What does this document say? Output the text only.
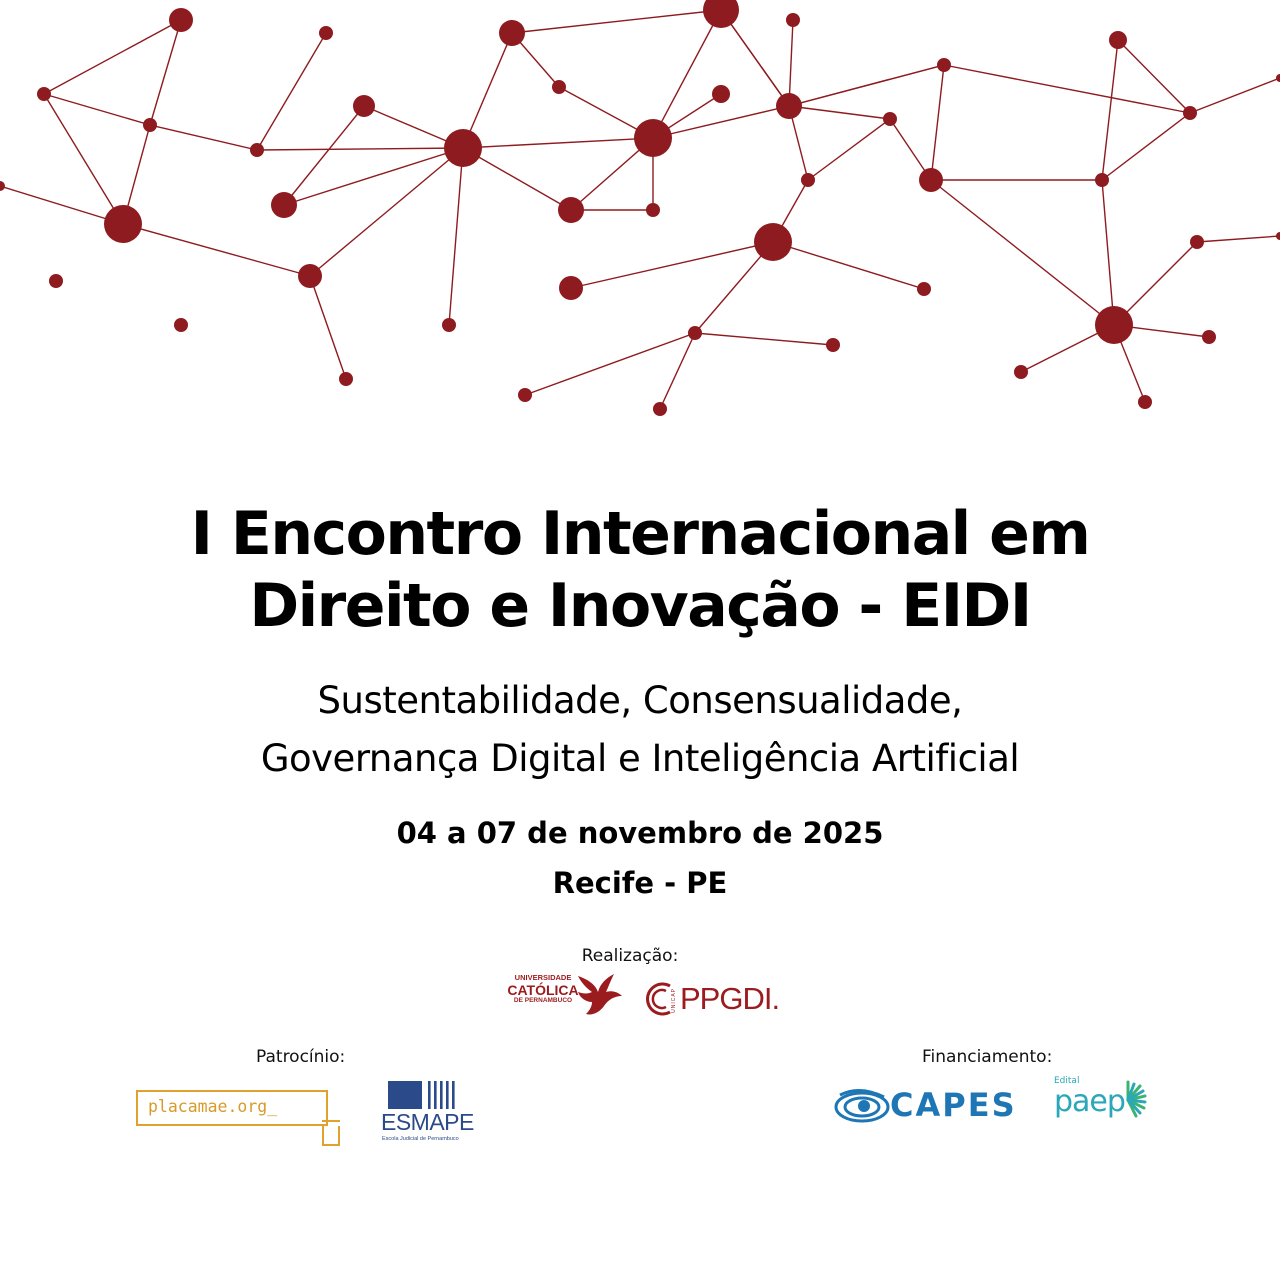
I Encontro Internacional em
Direito e Inovação - EIDI
Sustentabilidade, Consensualidade,
Governança Digital e Inteligência Artificial
04 a 07 de novembro de 2025
Recife - PE
Realização:
UNIVERSIDADE
CATÓLICA
DE PERNAMBUCO	UNICAP PPGDI.
Patrocínio:
placamae.org_
ESMAPE
Escola Judicial de Pernambuco
Financiamento:
CAPES
Edital
paep
